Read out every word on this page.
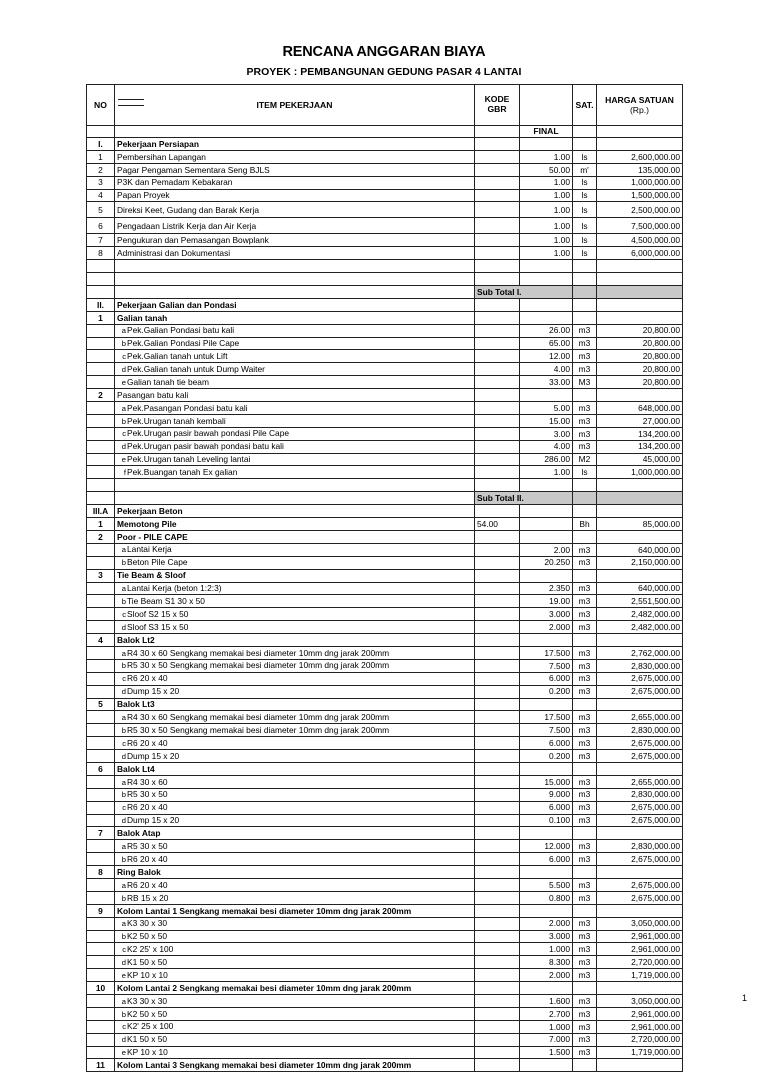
RENCANA ANGGARAN BIAYA
PROYEK : PEMBANGUNAN GEDUNG PASAR 4 LANTAI
NO	ITEM PEKERJAAN	KODE GBR		SAT.	HARGA SATUAN
(Rp.)
			FINAL		
I.	Pekerjaan Persiapan				
1	Pembersihan Lapangan		1.00	ls	2,600,000.00
2	Pagar Pengaman Sementara Seng BJLS		50.00	m'	135,000.00
3	P3K dan Pemadam Kebakaran		1.00	ls	1,000,000.00
4	Papan Proyek		1.00	ls	1,500,000.00
5	Direksi Keet, Gudang dan Barak Kerja		1.00	ls	2,500,000.00
6	Pengadaan Listrik Kerja dan Air Kerja		1.00	ls	7,500,000.00
7	Pengukuran dan Pemasangan Bowplank		1.00	ls	4,500,000.00
8	Administrasi dan Dokumentasi		1.00	ls	6,000,000.00

		Sub Total I.			
II.	Pekerjaan Galian dan Pondasi				
1	Galian tanah				
	aPek.Galian Pondasi batu kali		26.00	m3	20,800.00
	bPek.Galian Pondasi Pile Cape		65.00	m3	20,800.00
	cPek.Galian tanah untuk Lift		12.00	m3	20,800.00
	dPek.Galian tanah untuk Dump Waiter		4.00	m3	20,800.00
	eGalian tanah tie beam		33.00	M3	20,800.00
2	Pasangan batu kali				
	aPek.Pasangan Pondasi batu kali		5.00	m3	648,000.00
	bPek.Urugan tanah kembali		15.00	m3	27,000.00
	cPek.Urugan pasir bawah pondasi Pile Cape		3.00	m3	134,200.00
	dPek.Urugan pasir bawah pondasi batu kali		4.00	m3	134,200.00
	ePek.Urugan tanah Leveling lantai		286.00	M2	45,000.00
	fPek.Buangan tanah Ex galian		1.00	ls	1,000,000.00

		Sub Total II.			
III.A	Pekerjaan Beton				
1	Memotong Pile	54.00		Bh	85,000.00
2	Poor - PILE CAPE				
	aLantai Kerja		2.00	m3	640,000.00
	bBeton Pile Cape		20.250	m3	2,150,000.00
3	Tie Beam & Sloof				
	aLantai Kerja (beton 1:2:3)		2.350	m3	640,000.00
	bTie Beam S1 30 x 50		19.00	m3	2,551,500.00
	cSloof S2 15 x 50		3.000	m3	2,482,000.00
	dSloof S3 15 x 50		2.000	m3	2,482,000.00
4	Balok Lt2				
	aR4 30 x 60 Sengkang memakai besi diameter 10mm dng jarak 200mm		17.500	m3	2,762,000.00
	bR5 30 x 50 Sengkang memakai besi diameter 10mm dng jarak 200mm		7.500	m3	2,830,000.00
	cR6 20 x 40		6.000	m3	2,675,000.00
	dDump 15 x 20		0.200	m3	2,675,000.00
5	Balok Lt3				
	aR4 30 x 60 Sengkang memakai besi diameter 10mm dng jarak 200mm		17.500	m3	2,655,000.00
	bR5 30 x 50 Sengkang memakai besi diameter 10mm dng jarak 200mm		7.500	m3	2,830,000.00
	cR6 20 x 40		6.000	m3	2,675,000.00
	dDump 15 x 20		0.200	m3	2,675,000.00
6	Balok Lt4				
	aR4 30 x 60		15.000	m3	2,655,000.00
	bR5 30 x 50		9.000	m3	2,830,000.00
	cR6 20 x 40		6.000	m3	2,675,000.00
	dDump 15 x 20		0.100	m3	2,675,000.00
7	Balok Atap				
	aR5 30 x 50		12.000	m3	2,830,000.00
	bR6 20 x 40		6.000	m3	2,675,000.00
8	Ring Balok				
	aR6 20 x 40		5.500	m3	2,675,000.00
	bRB 15 x 20		0.800	m3	2,675,000.00
9	Kolom Lantai 1 Sengkang memakai besi diameter 10mm dng jarak 200mm				
	aK3 30 x 30		2.000	m3	3,050,000.00
	bK2 50 x 50		3.000	m3	2,961,000.00
	cK2 25' x 100		1.000	m3	2,961,000.00
	dK1 50 x 50		8.300	m3	2,720,000.00
	eKP 10 x 10		2.000	m3	1,719,000.00
10	Kolom Lantai 2 Sengkang memakai besi diameter 10mm dng jarak 200mm				
	aK3 30 x 30		1.600	m3	3,050,000.00
	bK2 50 x 50		2.700	m3	2,961,000.00
	cK2' 25 x 100		1.000	m3	2,961,000.00
	dK1 50 x 50		7.000	m3	2,720,000.00
	eKP 10 x 10		1.500	m3	1,719,000.00
11	Kolom Lantai 3 Sengkang memakai besi diameter 10mm dng jarak 200mm				
1
